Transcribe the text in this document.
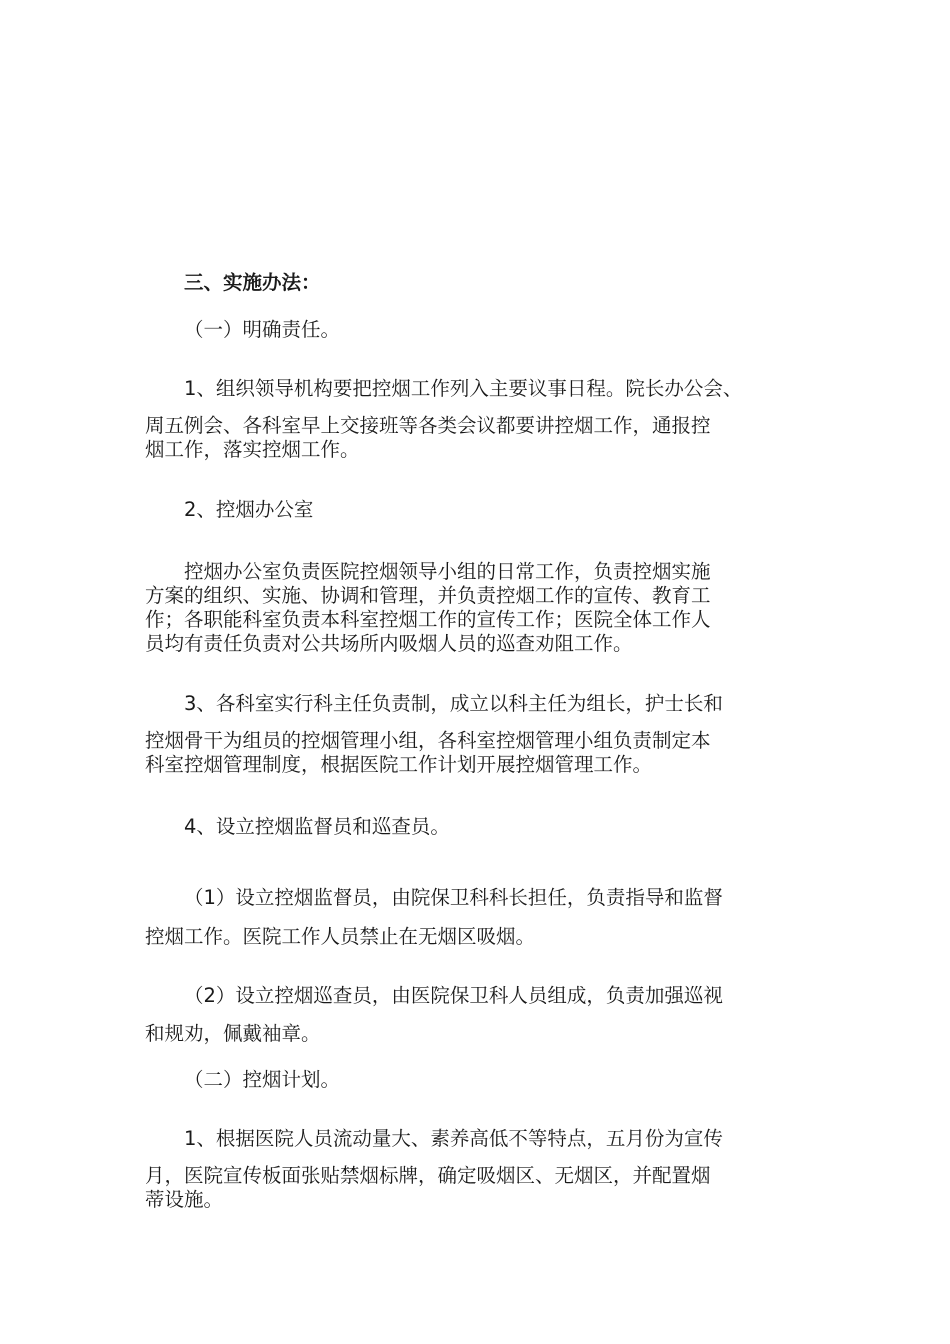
三、实施办法：

（一）明确责任。

1、组织领导机构要把控烟工作列入主要议事日程。院长办公会、
周五例会、各科室早上交接班等各类会议都要讲控烟工作，通报控
烟工作，落实控烟工作。

2、控烟办公室

控烟办公室负责医院控烟领导小组的日常工作，负责控烟实施
方案的组织、实施、协调和管理，并负责控烟工作的宣传、教育工
作；各职能科室负责本科室控烟工作的宣传工作；医院全体工作人
员均有责任负责对公共场所内吸烟人员的巡查劝阻工作。

3、各科室实行科主任负责制，成立以科主任为组长，护士长和
控烟骨干为组员的控烟管理小组，各科室控烟管理小组负责制定本
科室控烟管理制度，根据医院工作计划开展控烟管理工作。

4、设立控烟监督员和巡查员。

（1）设立控烟监督员，由院保卫科科长担任，负责指导和监督
控烟工作。医院工作人员禁止在无烟区吸烟。

（2）设立控烟巡查员，由医院保卫科人员组成，负责加强巡视
和规劝，佩戴袖章。

（二）控烟计划。

1、根据医院人员流动量大、素养高低不等特点，五月份为宣传
月，医院宣传板面张贴禁烟标牌，确定吸烟区、无烟区，并配置烟
蒂设施。
